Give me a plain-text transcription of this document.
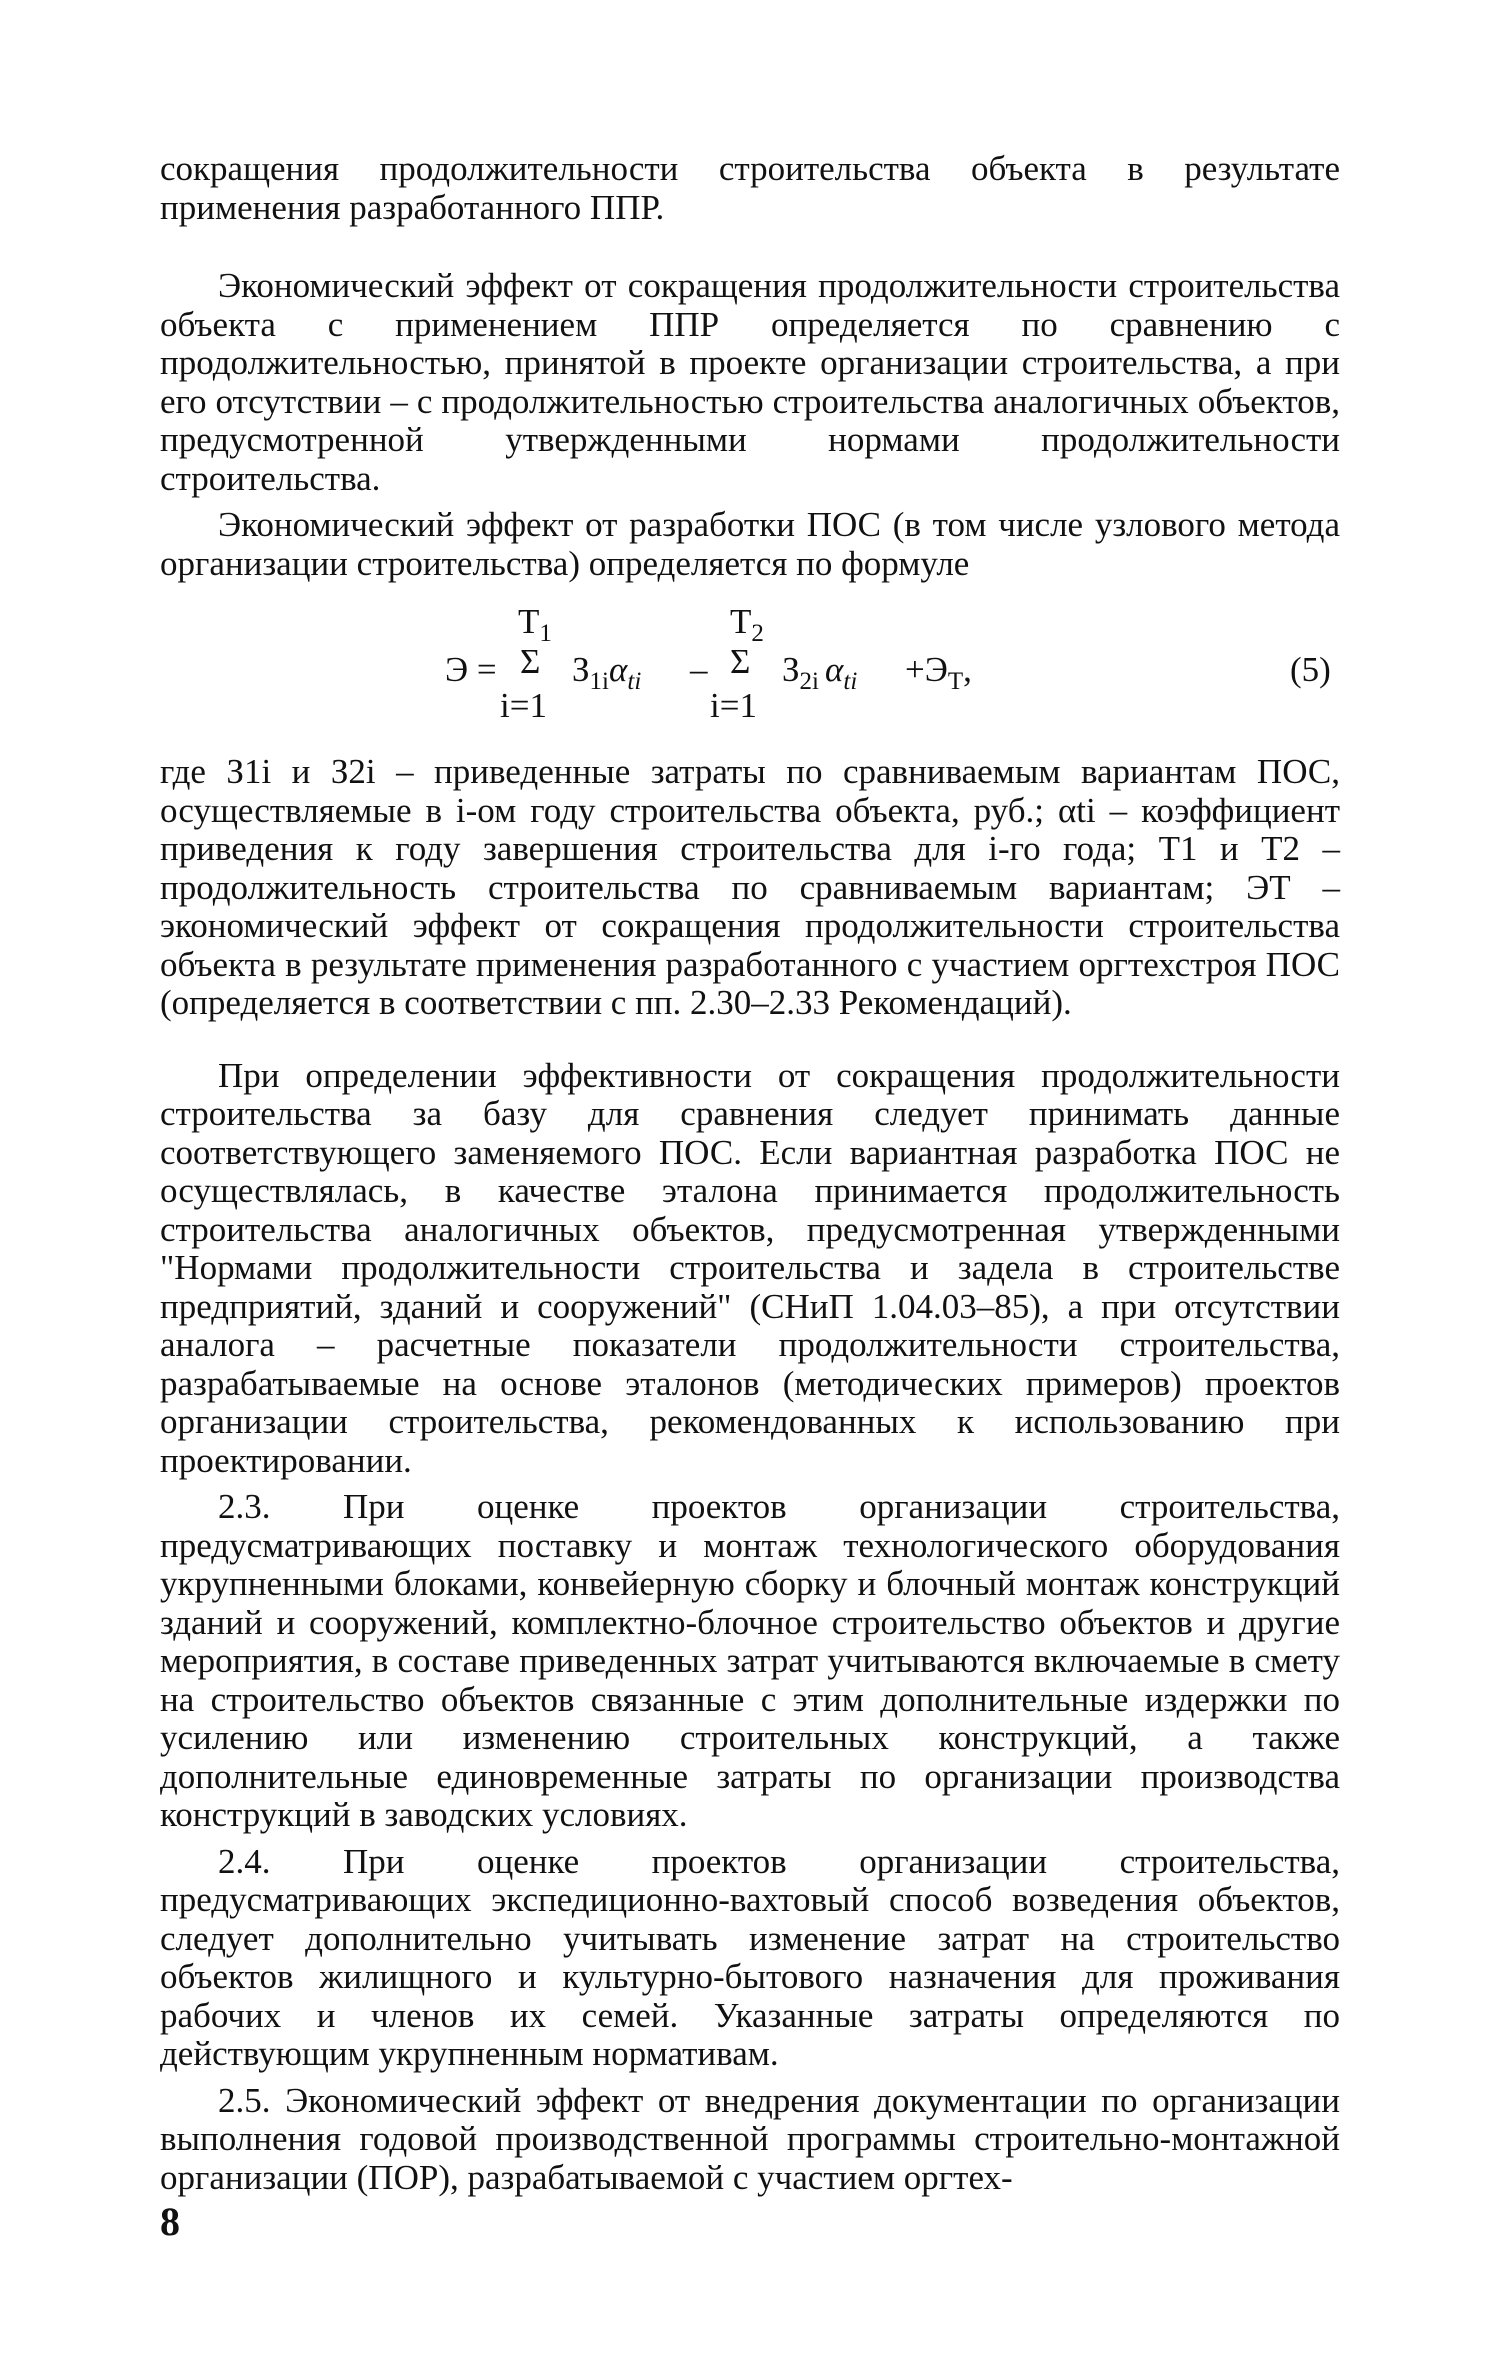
сокращения продолжительности строительства объекта в результате применения разработанного ППР.

Экономический эффект от сокращения продолжительности строительства объекта с применением ППР определяется по сравнению с продолжительностью, принятой в проекте организации строительства, а при его отсутствии – с продолжительностью строительства аналогичных объектов, предусмотренной утвержденными нормами продолжительности строительства.

Экономический эффект от разработки ПОС (в том числе узлового метода организации строительства) определяется по формуле

Э =
$Т_1$
Σ
i=1
$З_{1i}\alpha_{ti}$ –
$Т_2$
Σ
i=1
$З_{2i}$ $\alpha_{ti} +Э_Т$,	(5)

где З1i и З2i – приведенные затраты по сравниваемым вариантам ПОС, осуществляемые в i-ом году строительства объекта, руб.; αti – коэффициент приведения к году завершения строительства для i-го года; Т1 и Т2 – продолжительность строительства по сравниваемым вариантам; ЭТ – экономический эффект от сокращения продолжительности строительства объекта в результате применения разработанного с участием оргтехстроя ПОС (определяется в соответствии с пп. 2.30–2.33 Рекомендаций).

При определении эффективности от сокращения продолжительности строительства за базу для сравнения следует принимать данные соответствующего заменяемого ПОС. Если вариантная разработка ПОС не осуществлялась, в качестве эталона принимается продолжительность строительства аналогичных объектов, предусмотренная утвержденными "Нормами продолжительности строительства и задела в строительстве предприятий, зданий и сооружений" (СНиП 1.04.03–85), а при отсутствии аналога – расчетные показатели продолжительности строительства, разрабатываемые на основе эталонов (методических примеров) проектов организации строительства, рекомендованных к использованию при проектировании.

2.3. При оценке проектов организации строительства, предусматривающих поставку и монтаж технологического оборудования укрупненными блоками, конвейерную сборку и блочный монтаж конструкций зданий и сооружений, комплектно-блочное строительство объектов и другие мероприятия, в составе приведенных затрат учитываются включаемые в смету на строительство объектов связанные с этим дополнительные издержки по усилению или изменению строительных конструкций, а также дополнительные единовременные затраты по организации производства конструкций в заводских условиях.

2.4. При оценке проектов организации строительства, предусматривающих экспедиционно-вахтовый способ возведения объектов, следует дополнительно учитывать изменение затрат на строительство объектов жилищного и культурно-бытового назначения для проживания рабочих и членов их семей. Указанные затраты определяются по действующим укрупненным нормативам.

2.5. Экономический эффект от внедрения документации по организации выполнения годовой производственной программы строительно-монтажной организации (ПОР), разрабатываемой с участием оргтех-

8
